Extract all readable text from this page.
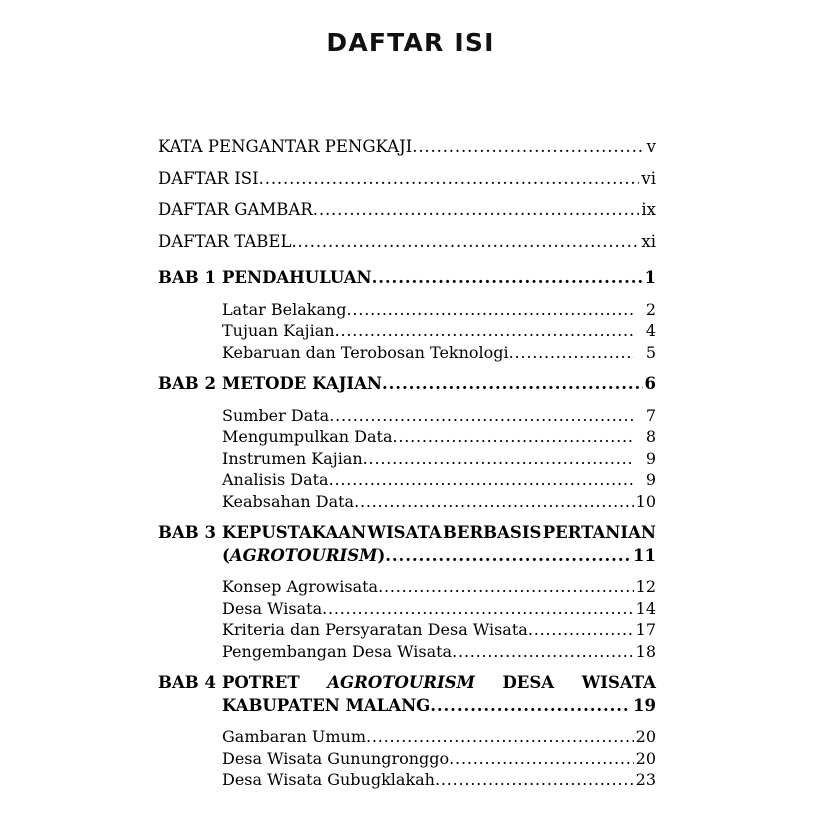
DAFTAR ISI
KATA PENGANTAR PENGKAJI .....	v
DAFTAR ISI .....	vi
DAFTAR GAMBAR .....	ix
DAFTAR TABEL .....	xi
BAB 1 PENDAHULUAN .....	1
Latar Belakang .....	2
Tujuan Kajian .....	4
Kebaruan dan Terobosan Teknologi .....	5
BAB 2 METODE KAJIAN .....	6
Sumber Data .....	7
Mengumpulkan Data .....	8
Instrumen Kajian .....	9
Analisis Data .....	9
Keabsahan Data .....	10
BAB 3 KEPUSTAKAAN WISATA BERBASIS PERTANIAN
(AGROTOURISM) .....	11
Konsep Agrowisata .....	12
Desa Wisata .....	14
Kriteria dan Persyaratan Desa Wisata .....	17
Pengembangan Desa Wisata .....	18
BAB 4 POTRET AGROTOURISM DESA WISATA
KABUPATEN MALANG .....	19
Gambaran Umum .....	20
Desa Wisata Gunungronggo .....	20
Desa Wisata Gubugklakah .....	23
